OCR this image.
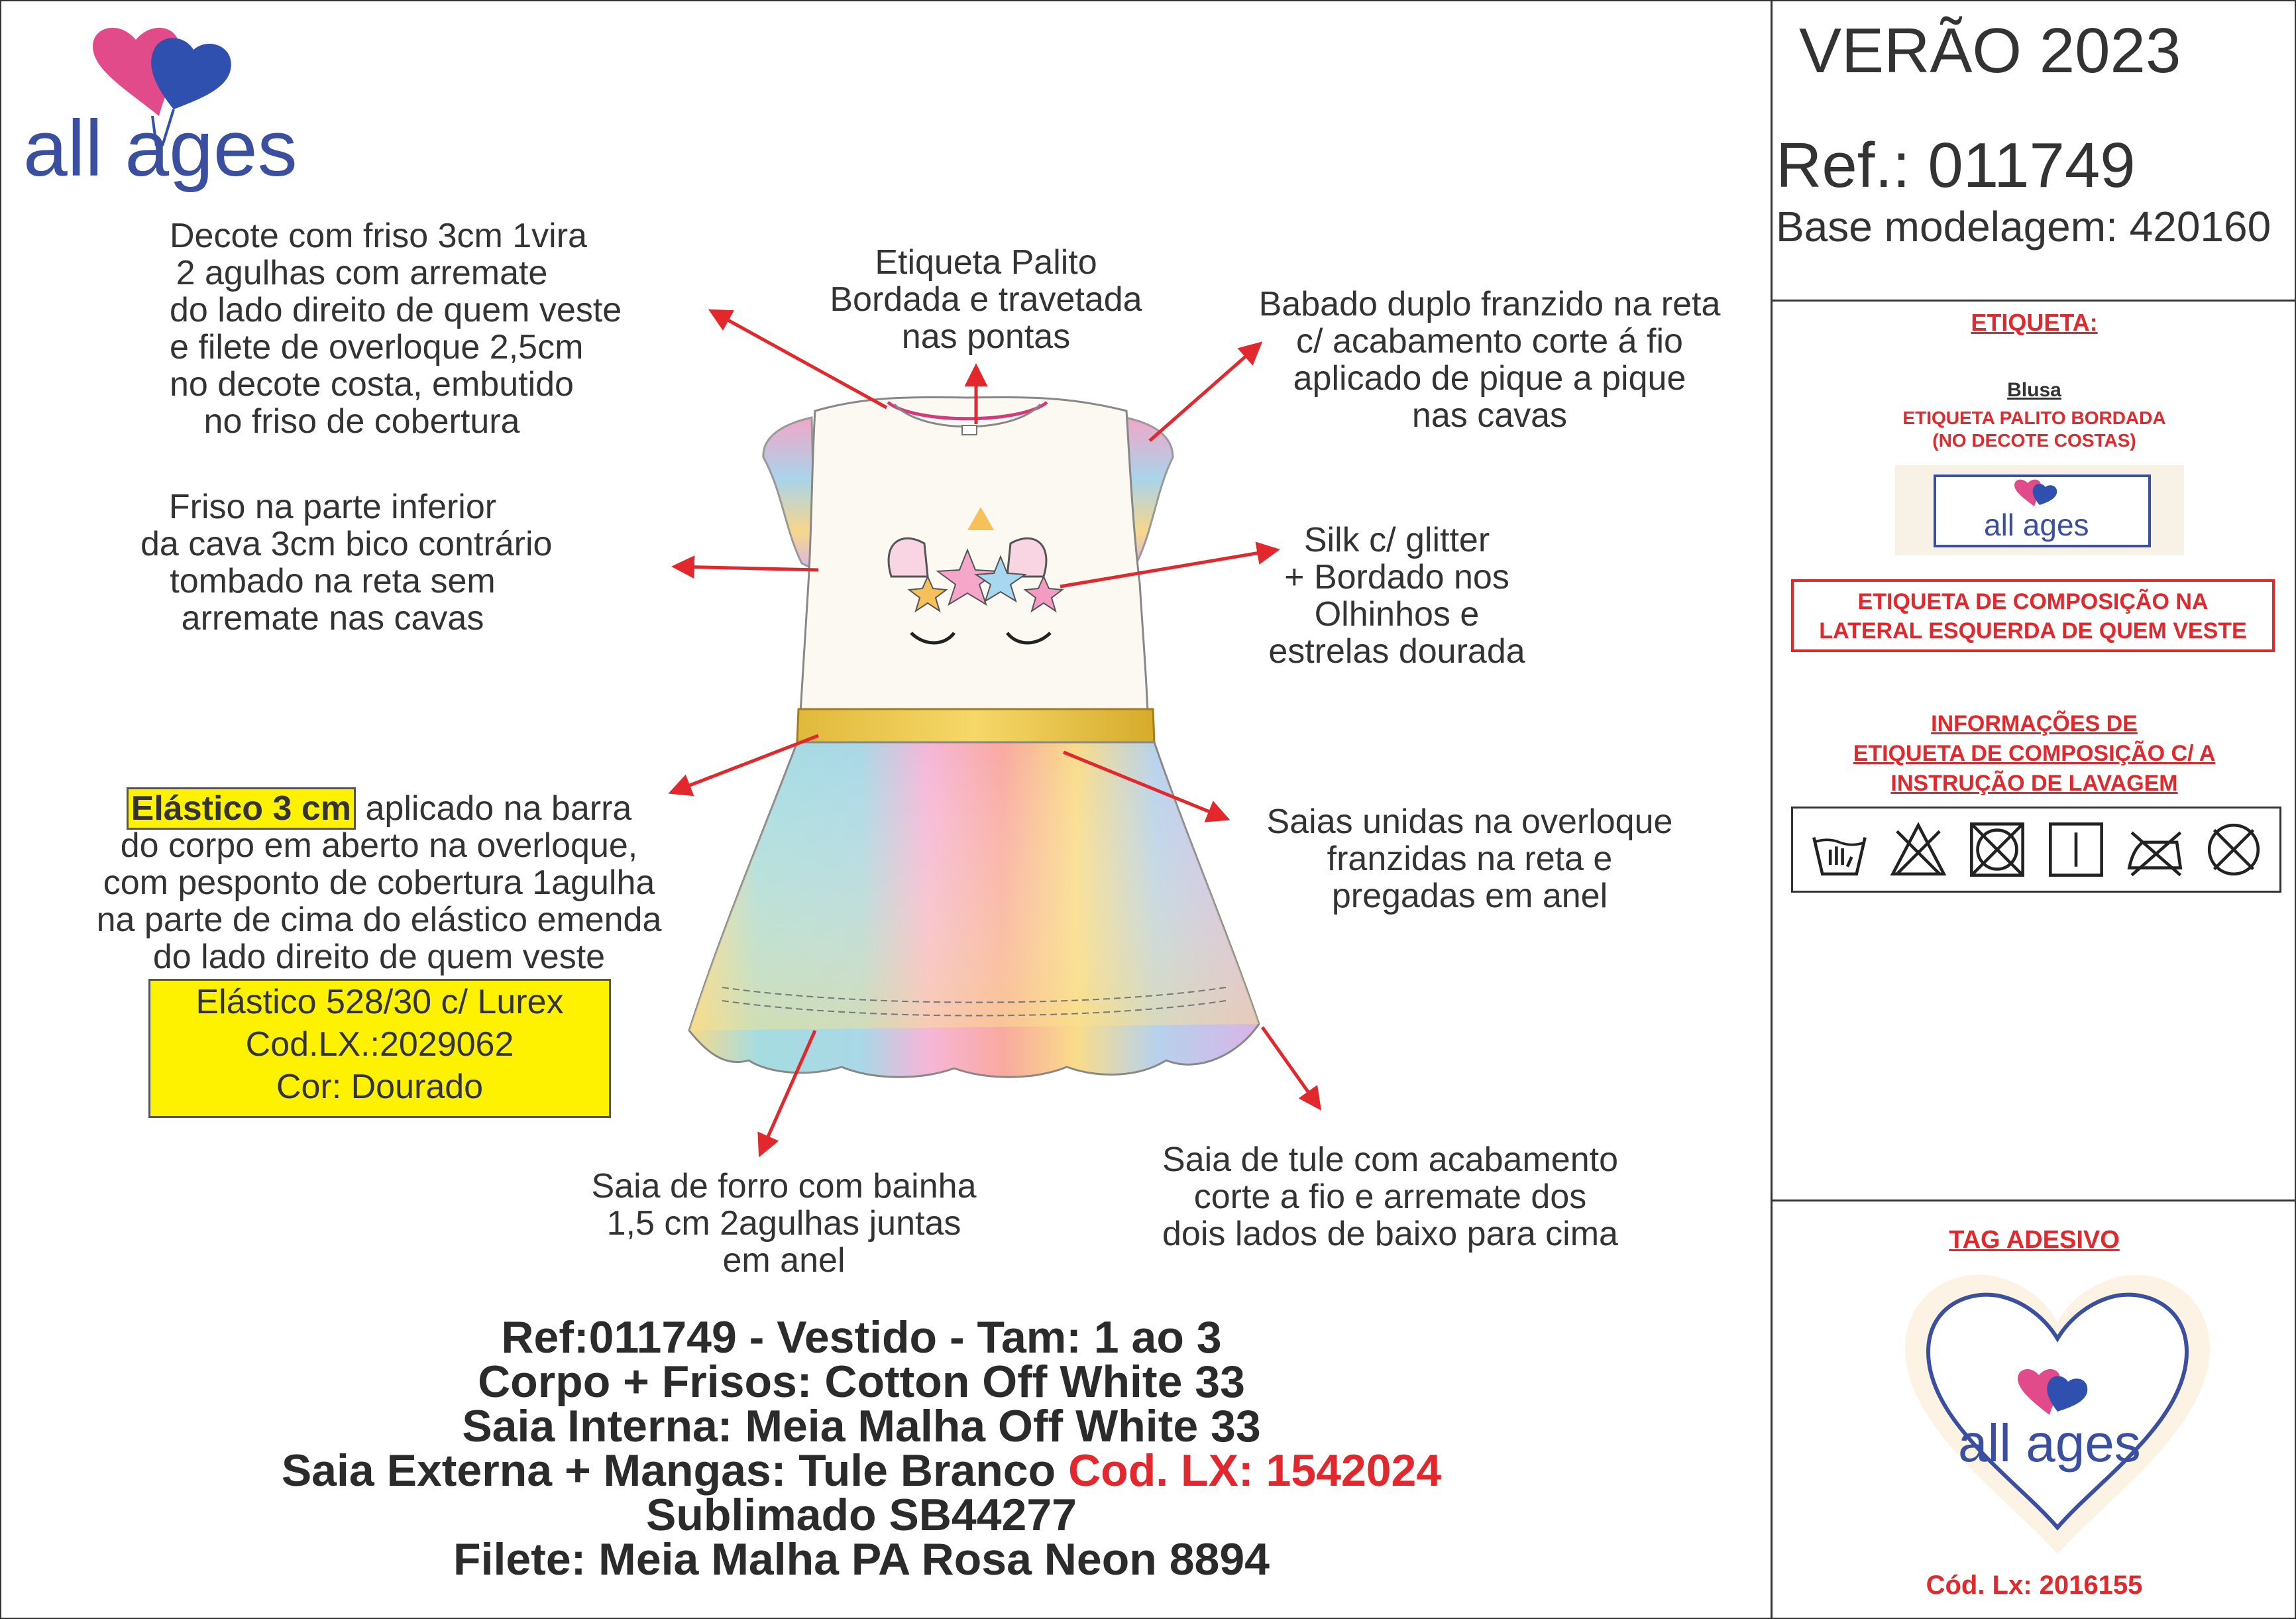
all ages
Decote com friso 3cm 1vira
2 agulhas com arremate
do lado direito de quem veste
e filete de overloque 2,5cm
no decote costa, embutido
no friso de cobertura
Etiqueta Palito
Bordada e travetada
nas pontas
Babado duplo franzido na reta
c/ acabamento corte á fio
aplicado de pique a pique
nas cavas
Friso na parte inferior
da cava 3cm bico contrário
tombado na reta sem
arremate nas cavas
Silk c/ glitter
+ Bordado nos
Olhinhos e
estrelas dourada
Elástico 3 cm aplicado na barra
do corpo em aberto na overloque,
com pesponto de cobertura 1agulha
na parte de cima do elástico emenda
do lado direito de quem veste
Elástico 528/30 c/ Lurex
Cod.LX.:2029062
Cor: Dourado
Saias unidas na overloque
franzidas na reta e
pregadas em anel
Saia de forro com bainha
1,5 cm 2agulhas juntas
em anel
Saia de tule com acabamento
corte a fio e arremate dos
dois lados de baixo para cima
Ref:011749 - Vestido - Tam: 1 ao 3
Corpo + Frisos: Cotton Off White 33
Saia Interna: Meia Malha Off White 33
Saia Externa + Mangas: Tule Branco Cod. LX: 1542024
Sublimado SB44277
Filete: Meia Malha PA Rosa Neon 8894
VERÃO 2023
Ref.: 011749
Base modelagem: 420160
ETIQUETA:
Blusa
ETIQUETA PALITO BORDADA
(NO DECOTE COSTAS)
all ages
ETIQUETA DE COMPOSIÇÃO NA
LATERAL ESQUERDA DE QUEM VESTE
INFORMAÇÕES DE
ETIQUETA DE COMPOSIÇÃO C/ A
INSTRUÇÃO DE LAVAGEM
TAG ADESIVO
all ages
Cód. Lx: 2016155
